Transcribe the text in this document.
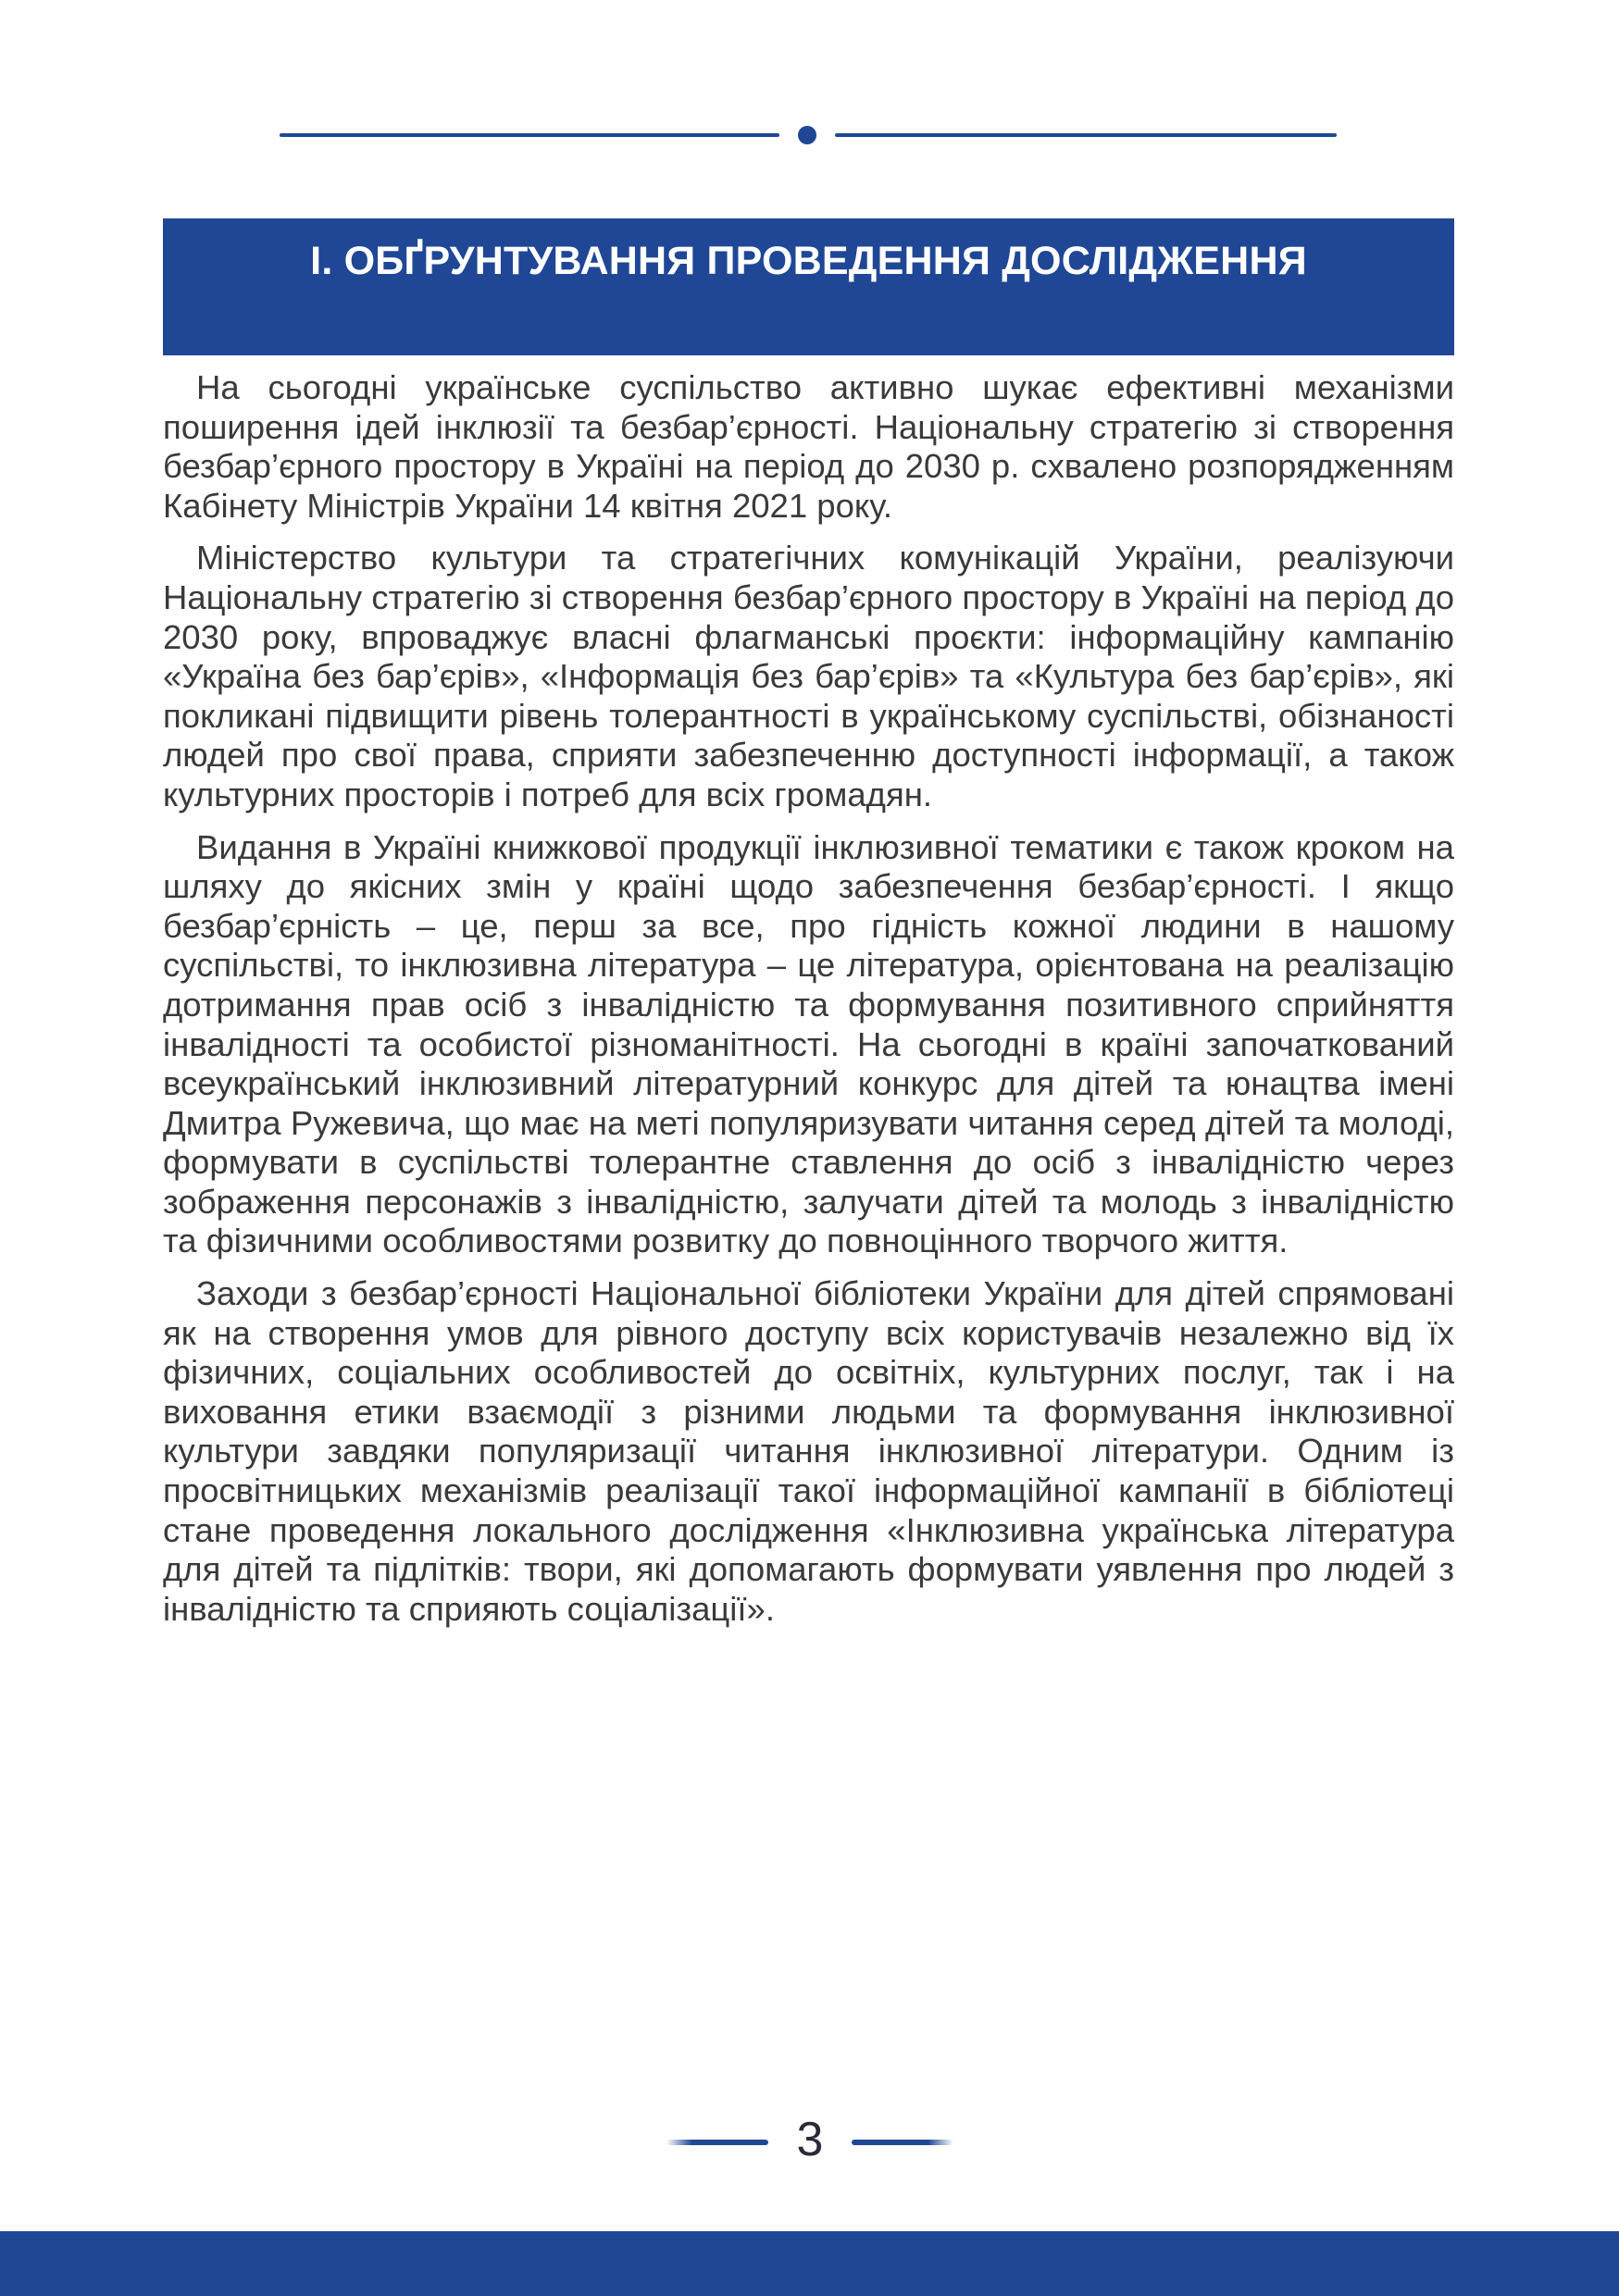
І. ОБҐРУНТУВАННЯ ПРОВЕДЕННЯ ДОСЛІДЖЕННЯ

На сьогодні українське суспільство активно шукає ефективні механізми поширення ідей інклюзії та безбар’єрності. Національну стратегію зі створення безбар’єрного простору в Україні на період до 2030 р. схвалено розпорядженням Кабінету Міністрів України 14 квітня 2021 року.

Міністерство культури та стратегічних комунікацій України, реалізуючи Національну стратегію зі створення безбар’єрного простору в Україні на період до 2030 року, впроваджує власні флагманські проєкти: інформаційну кампанію «Україна без бар’єрів», «Інформація без бар’єрів» та «Культура без бар’єрів», які покликані підвищити рівень толерантності в українському суспільстві, обізнаності людей про свої права, сприяти забезпеченню доступності інформації, а також культурних просторів і потреб для всіх громадян.

Видання в Україні книжкової продукції інклюзивної тематики є також кроком на шляху до якісних змін у країні щодо забезпечення безбар’єрності. І якщо безбар’єрність – це, перш за все, про гідність кожної людини в нашому суспільстві, то інклюзивна література – це література, орієнтована на реалізацію дотримання прав осіб з інвалідністю та формування позитивного сприйняття інвалідності та особистої різноманітності. На сьогодні в країні започаткований всеукраїнський інклюзивний літературний конкурс для дітей та юнацтва імені Дмитра Ружевича, що має на меті популяризувати читання серед дітей та молоді, формувати в суспільстві толерантне ставлення до осіб з інвалідністю через зображення персонажів з інвалідністю, залучати дітей та молодь з інвалідністю та фізичними особливостями розвитку до повноцінного творчого життя.

Заходи з безбар’єрності Національної бібліотеки України для дітей спрямовані як на створення умов для рівного доступу всіх користувачів незалежно від їх фізичних, соціальних особливостей до освітніх, культурних послуг, так і на виховання етики взаємодії з різними людьми та формування інклюзивної культури завдяки популяризації читання інклюзивної літератури. Одним із просвітницьких механізмів реалізації такої інформаційної кампанії в бібліотеці стане проведення локального дослідження «Інклюзивна українська література для дітей та підлітків: твори, які допомагають формувати уявлення про людей з інвалідністю та сприяють соціалізації».

3
